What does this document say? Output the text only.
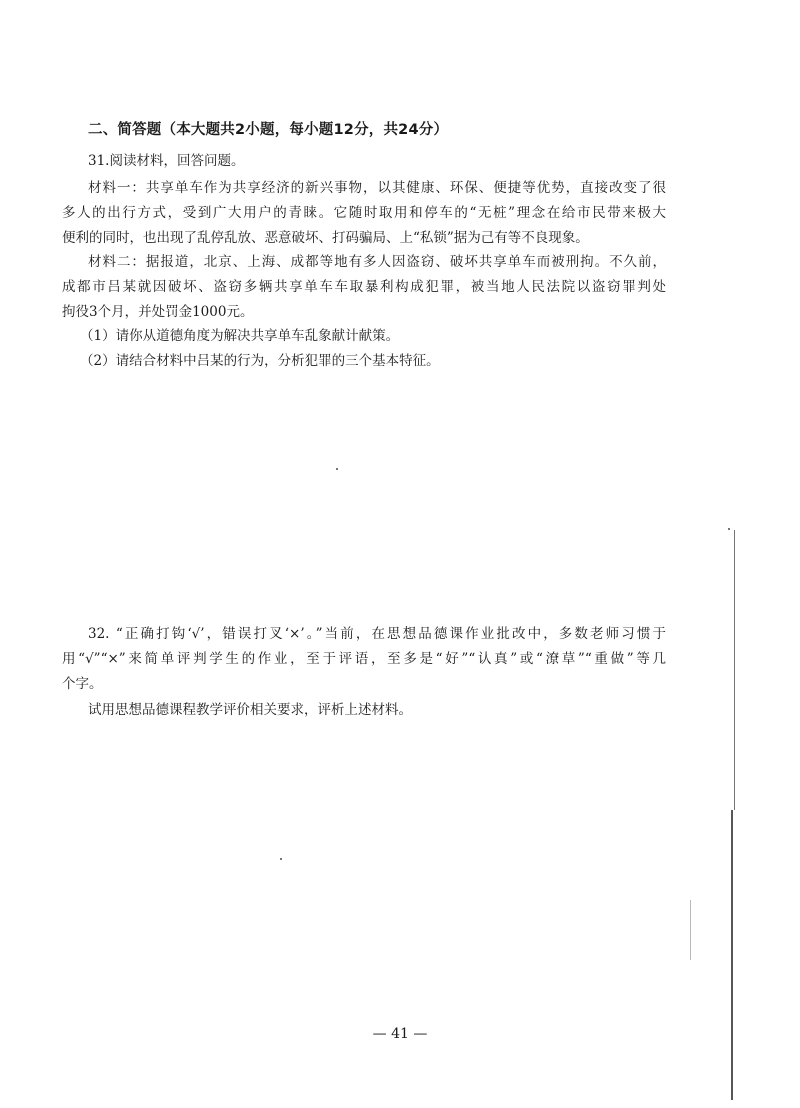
二、简答题（本大题共2小题，每小题12分，共24分）
31.阅读材料，回答问题。
材料一：共享单车作为共享经济的新兴事物，以其健康、环保、便捷等优势，直接改变了很
多人的出行方式，受到广大用户的青睐。它随时取用和停车的“无桩”理念在给市民带来极大
便利的同时，也出现了乱停乱放、恶意破坏、打码骗局、上“私锁”据为己有等不良现象。
材料二：据报道，北京、上海、成都等地有多人因盗窃、破坏共享单车而被刑拘。不久前，
成都市吕某就因破坏、盗窃多辆共享单车车取暴利构成犯罪，被当地人民法院以盗窃罪判处
拘役3个月，并处罚金1000元。
（1）请你从道德角度为解决共享单车乱象献计献策。
（2）请结合材料中吕某的行为，分析犯罪的三个基本特征。
32. “正确打钩‘√’，错误打叉‘×’。”当前，在思想品德课作业批改中，多数老师习惯于
用“√”“×”来简单评判学生的作业，至于评语，至多是“好”“认真”或“潦草”“重做”等几
个字。
试用思想品德课程教学评价相关要求，评析上述材料。
— 41 —
